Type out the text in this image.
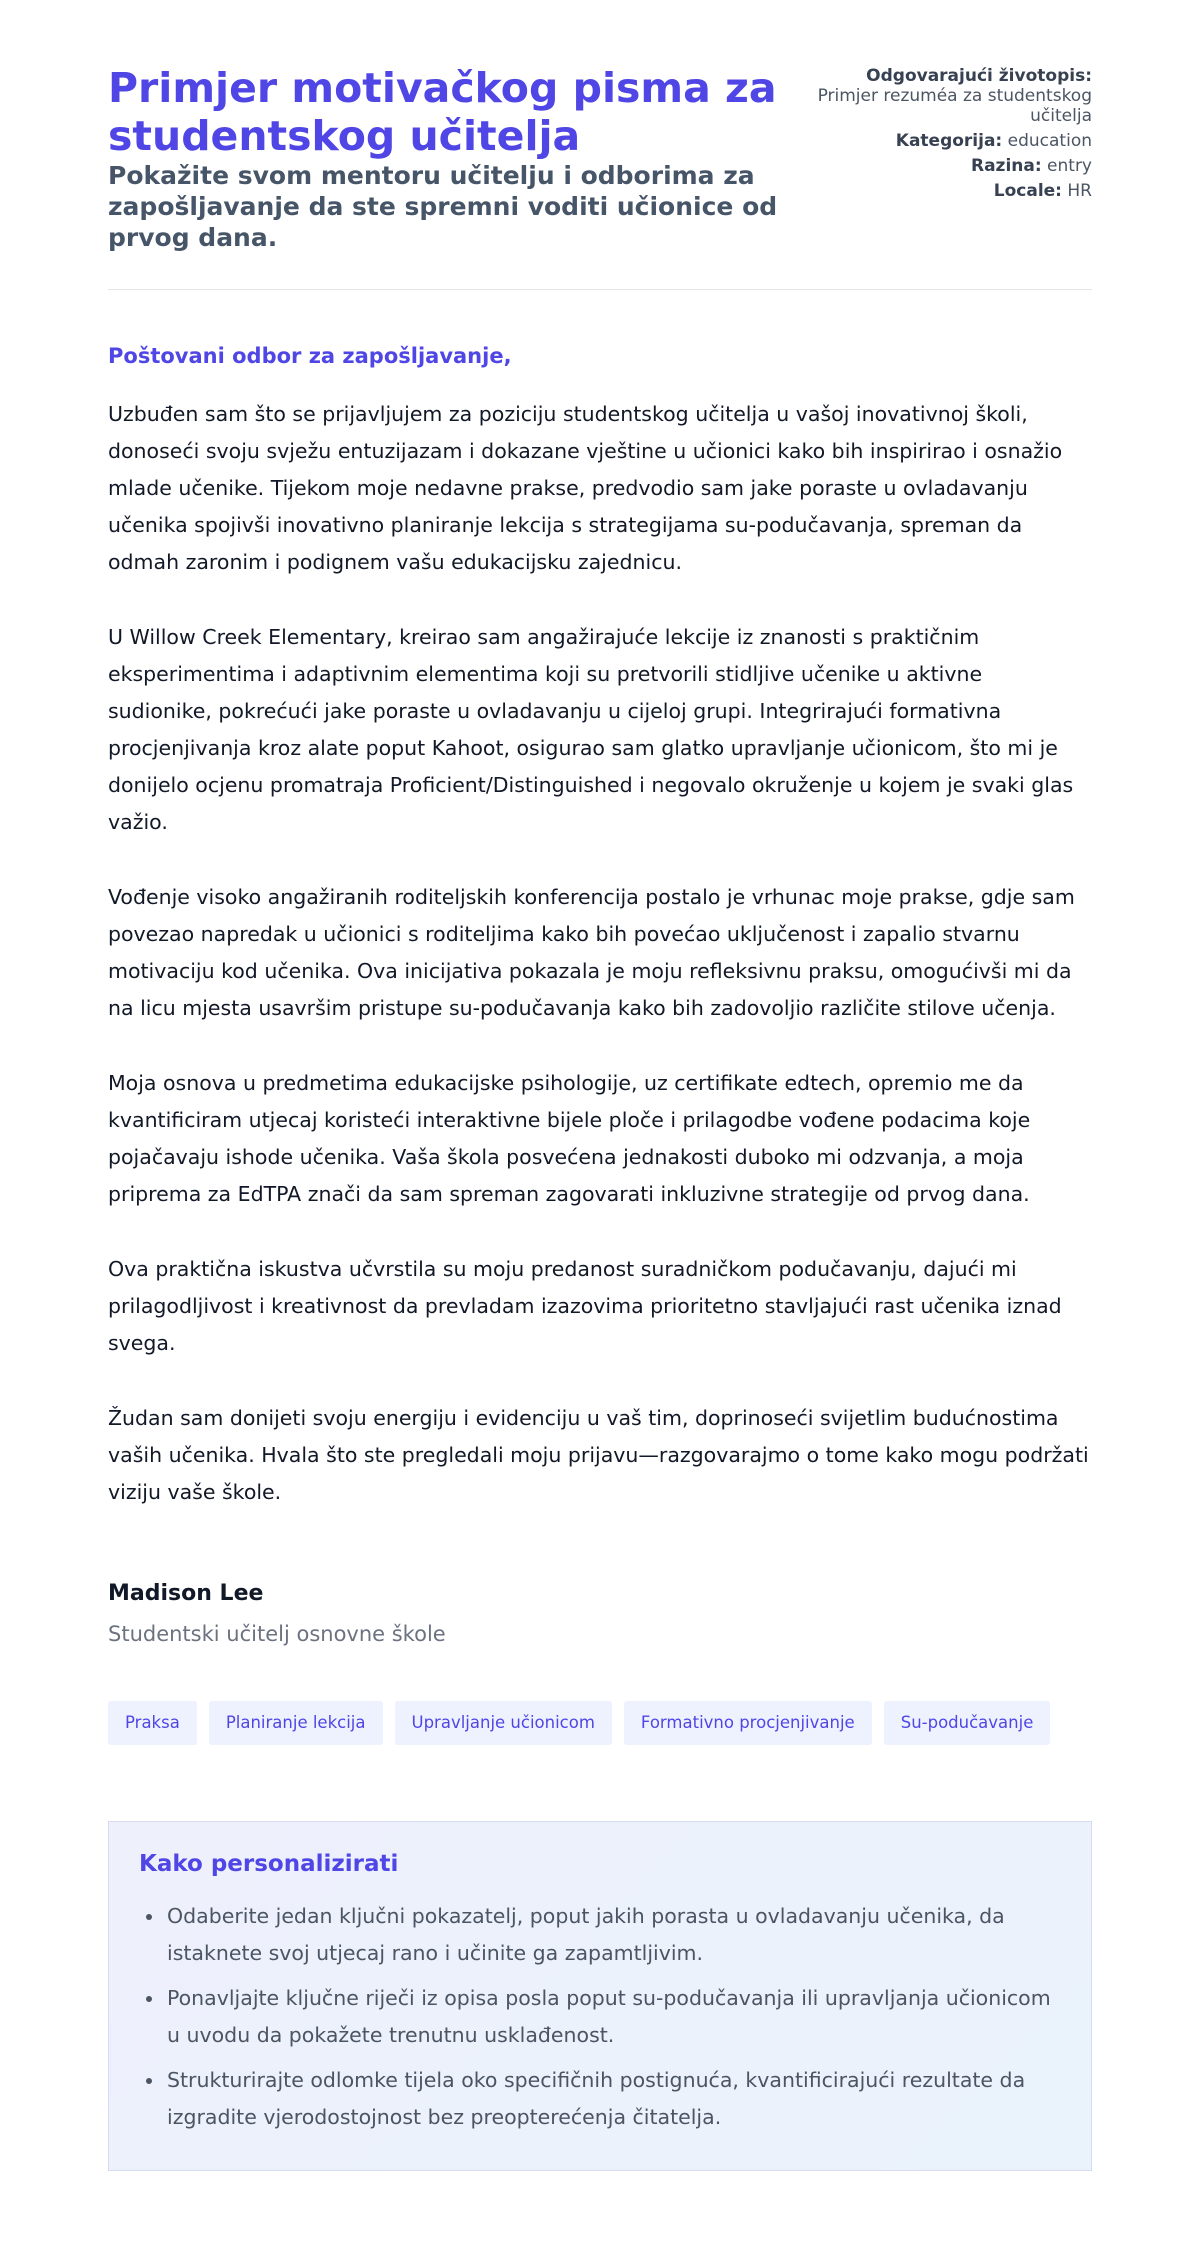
Primjer motivačkog pisma za studentskog učitelja
Pokažite svom mentoru učitelju i odborima za zapošljavanje da ste spremni voditi učionice od prvog dana.
Odgovarajući životopis:
Primjer rezuméa za studentskog učitelja
Kategorija: education
Razina: entry
Locale: HR

Poštovani odbor za zapošljavanje,

Uzbuđen sam što se prijavljujem za poziciju studentskog učitelja u vašoj inovativnoj školi, donoseći svoju svježu entuzijazam i dokazane vještine u učionici kako bih inspirirao i osnažio mlade učenike. Tijekom moje nedavne prakse, predvodio sam jake poraste u ovladavanju učenika spojivši inovativno planiranje lekcija s strategijama su-podučavanja, spreman da odmah zaronim i podignem vašu edukacijsku zajednicu.

U Willow Creek Elementary, kreirao sam angažirajuće lekcije iz znanosti s praktičnim eksperimentima i adaptivnim elementima koji su pretvorili stidljive učenike u aktivne sudionike, pokrećući jake poraste u ovladavanju u cijeloj grupi. Integrirajući formativna procjenjivanja kroz alate poput Kahoot, osigurao sam glatko upravljanje učionicom, što mi je donijelo ocjenu promatraja Proficient/Distinguished i negovalo okruženje u kojem je svaki glas važio.

Vođenje visoko angažiranih roditeljskih konferencija postalo je vrhunac moje prakse, gdje sam povezao napredak u učionici s roditeljima kako bih povećao uključenost i zapalio stvarnu motivaciju kod učenika. Ova inicijativa pokazala je moju refleksivnu praksu, omogućivši mi da na licu mjesta usavršim pristupe su-podučavanja kako bih zadovoljio različite stilove učenja.

Moja osnova u predmetima edukacijske psihologije, uz certifikate edtech, opremio me da kvantificiram utjecaj koristeći interaktivne bijele ploče i prilagodbe vođene podacima koje pojačavaju ishode učenika. Vaša škola posvećena jednakosti duboko mi odzvanja, a moja priprema za EdTPA znači da sam spreman zagovarati inkluzivne strategije od prvog dana.

Ova praktična iskustva učvrstila su moju predanost suradničkom podučavanju, dajući mi prilagodljivost i kreativnost da prevladam izazovima prioritetno stavljajući rast učenika iznad svega.

Žudan sam donijeti svoju energiju i evidenciju u vaš tim, doprinoseći svijetlim budućnostima vaših učenika. Hvala što ste pregledali moju prijavu—razgovarajmo o tome kako mogu podržati viziju vaše škole.

Madison Lee
Studentski učitelj osnovne škole
Praksa	Planiranje lekcija	Upravljanje učionicom	Formativno procjenjivanje	Su-podučavanje
Kako personalizirati
• Odaberite jedan ključni pokazatelj, poput jakih porasta u ovladavanju učenika, da istaknete svoj utjecaj rano i učinite ga zapamtljivim.
• Ponavljajte ključne riječi iz opisa posla poput su-podučavanja ili upravljanja učionicom u uvodu da pokažete trenutnu usklađenost.
• Strukturirajte odlomke tijela oko specifičnih postignuća, kvantificirajući rezultate da izgradite vjerodostojnost bez preopterećenja čitatelja.
